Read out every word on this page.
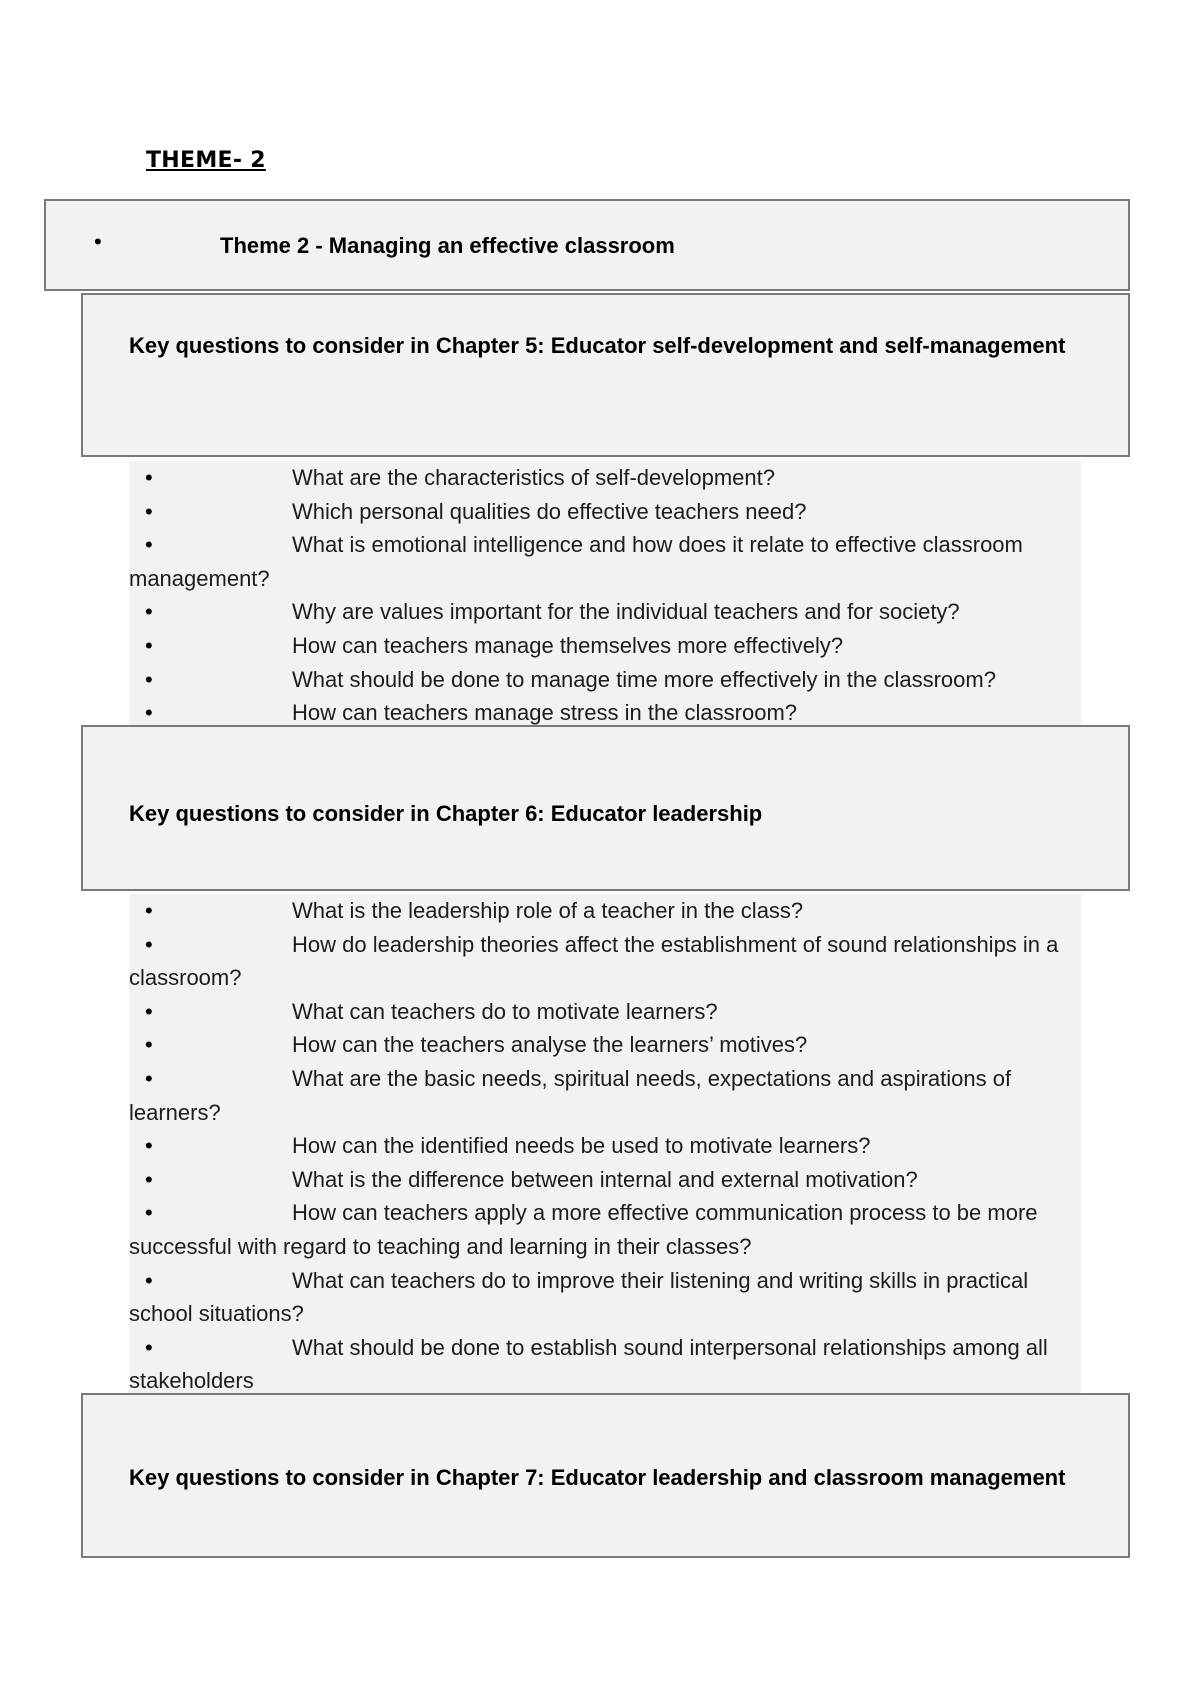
THEME- 2
•	Theme 2 - Managing an effective classroom
Key questions to consider in Chapter 5: Educator self-development and self-management
•	What are the characteristics of self-development?
•	Which personal qualities do effective teachers need?
•	What is emotional intelligence and how does it relate to effective classroom management?
•	Why are values important for the individual teachers and for society?
•	How can teachers manage themselves more effectively?
•	What should be done to manage time more effectively in the classroom?
•	How can teachers manage stress in the classroom?
Key questions to consider in Chapter 6: Educator leadership
•	What is the leadership role of a teacher in the class?
•	How do leadership theories affect the establishment of sound relationships in a classroom?
•	What can teachers do to motivate learners?
•	How can the teachers analyse the learners’ motives?
•	What are the basic needs, spiritual needs, expectations and aspirations of learners?
•	How can the identified needs be used to motivate learners?
•	What is the difference between internal and external motivation?
•	How can teachers apply a more effective communication process to be more successful with regard to teaching and learning in their classes?
•	What can teachers do to improve their listening and writing skills in practical school situations?
•	What should be done to establish sound interpersonal relationships among all stakeholders
Key questions to consider in Chapter 7: Educator leadership and classroom management
